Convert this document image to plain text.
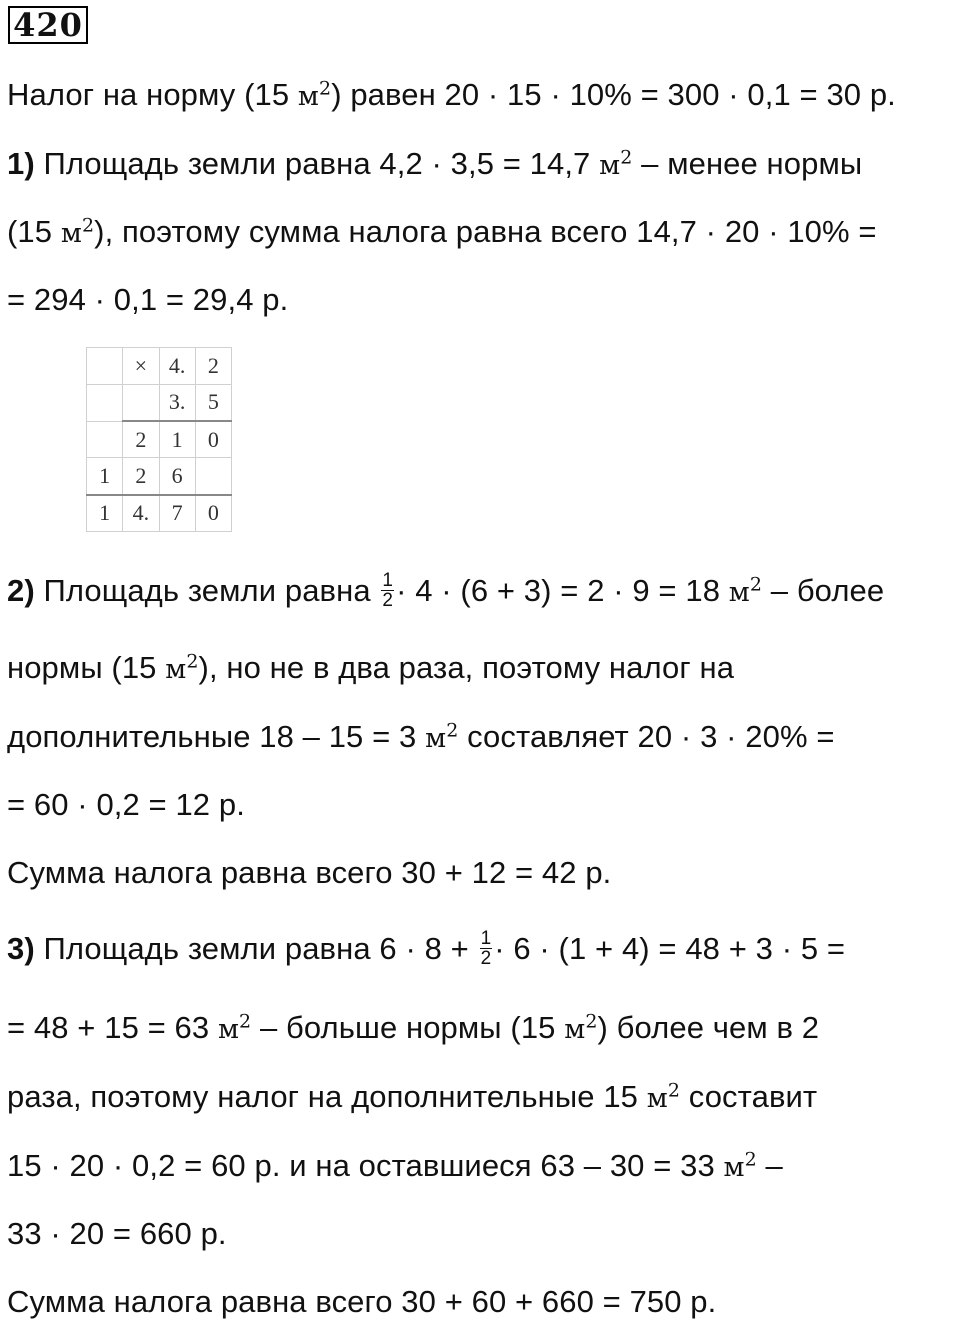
420
Налог на норму (15 $м^2$) равен 20 · 15 · 10% = 300 · 0,1 = 30 р.
1) Площадь земли равна 4,2 · 3,5 = 14,7 $м^2$ – менее нормы
(15 $м^2$), поэтому сумма налога равна всего 14,7 · 20 · 10% =
= 294 · 0,1 = 29,4 р.
	×	4.	2
		3.	5
	2	1	0
1	2	6	
1	4.	7	0
2) Площадь земли равна $\frac{1}{2} \cdot 4 \cdot (6 + 3) = 2 \cdot 9 = 18$ $м^2$ – более
нормы (15 $м^2$), но не в два раза, поэтому налог на
дополнительные 18 – 15 = 3 $м^2$ составляет 20 · 3 · 20% =
= 60 · 0,2 = 12 р.
Сумма налога равна всего 30 + 12 = 42 р.
3) Площадь земли равна $6 \cdot 8 + \frac{1}{2} \cdot 6 \cdot (1 + 4) = 48 + 3 \cdot 5$ =
= 48 + 15 = 63 $м^2$ – больше нормы (15 $м^2$) более чем в 2
раза, поэтому налог на дополнительные 15 $м^2$ составит
15 · 20 · 0,2 = 60 р. и на оставшиеся 63 – 30 = 33 $м^2$ –
33 · 20 = 660 р.
Сумма налога равна всего 30 + 60 + 660 = 750 р.
